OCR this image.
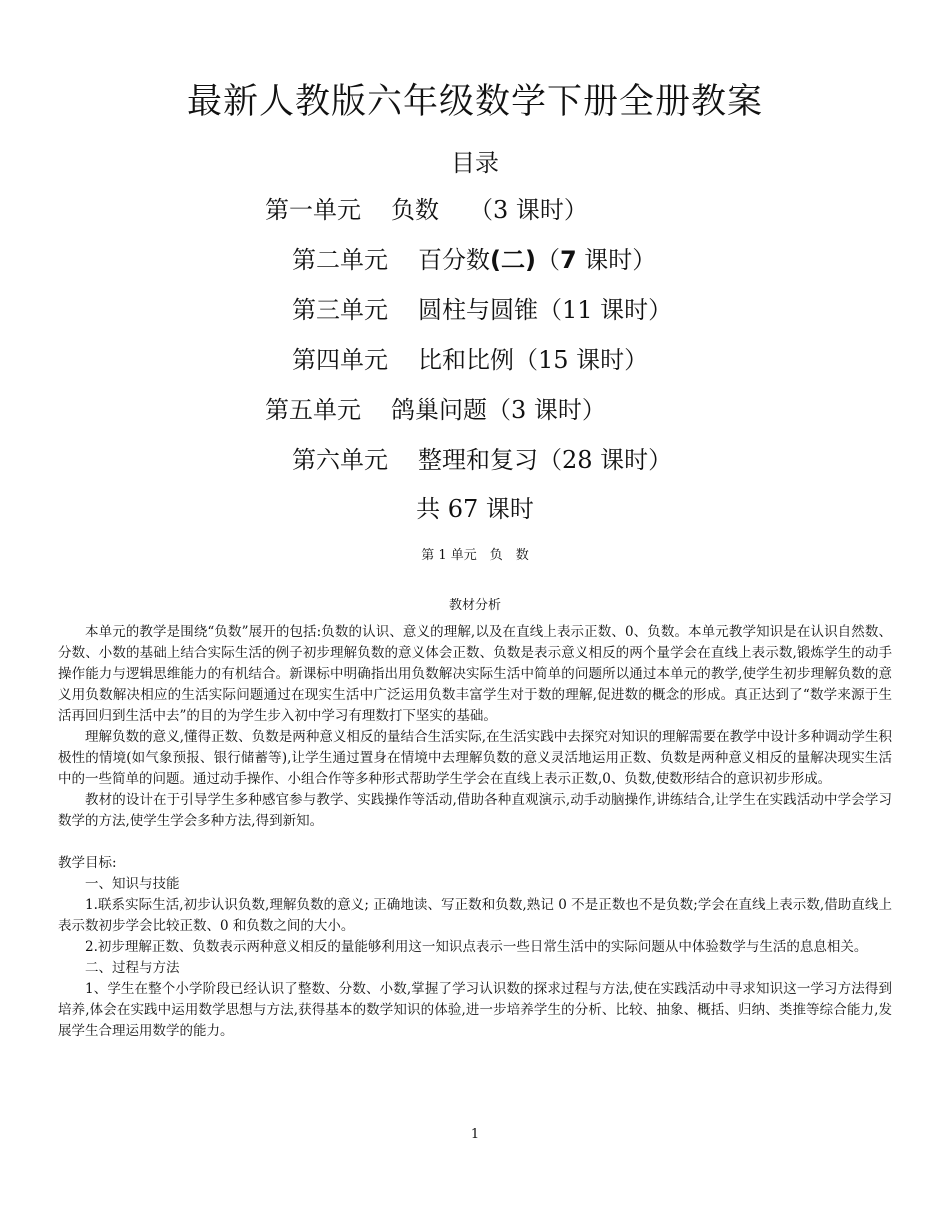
最新人教版六年级数学下册全册教案
目录
第一单元 负数 （3 课时）
第二单元 百分数(二)（7 课时）
第三单元 圆柱与圆锥（11 课时）
第四单元 比和比例（15 课时）
第五单元 鸽巢问题（3 课时）
第六单元 整理和复习（28 课时）
共 67 课时
第 1 单元　负　数
教材分析

本单元的教学是围绕“负数”展开的包括:负数的认识、意义的理解,以及在直线上表示正数、0、负数。本单元教学知识是在认识自然数、分数、小数的基础上结合实际生活的例子初步理解负数的意义体会正数、负数是表示意义相反的两个量学会在直线上表示数,锻炼学生的动手操作能力与逻辑思维能力的有机结合。新课标中明确指出用负数解决实际生活中简单的问题所以通过本单元的教学,使学生初步理解负数的意义用负数解决相应的生活实际问题通过在现实生活中广泛运用负数丰富学生对于数的理解,促进数的概念的形成。真正达到了“数学来源于生活再回归到生活中去”的目的为学生步入初中学习有理数打下坚实的基础。

理解负数的意义,懂得正数、负数是两种意义相反的量结合生活实际,在生活实践中去探究对知识的理解需要在教学中设计多种调动学生积极性的情境(如气象预报、银行储蓄等),让学生通过置身在情境中去理解负数的意义灵活地运用正数、负数是两种意义相反的量解决现实生活中的一些简单的问题。通过动手操作、小组合作等多种形式帮助学生学会在直线上表示正数,0、负数,使数形结合的意识初步形成。

教材的设计在于引导学生多种感官参与教学、实践操作等活动,借助各种直观演示,动手动脑操作,讲练结合,让学生在实践活动中学会学习数学的方法,使学生学会多种方法,得到新知。

教学目标:

一、知识与技能

1.联系实际生活,初步认识负数,理解负数的意义; 正确地读、写正数和负数,熟记 0 不是正数也不是负数;学会在直线上表示数,借助直线上表示数初步学会比较正数、0 和负数之间的大小。

2.初步理解正数、负数表示两种意义相反的量能够利用这一知识点表示一些日常生活中的实际问题从中体验数学与生活的息息相关。

二、过程与方法

1、学生在整个小学阶段已经认识了整数、分数、小数,掌握了学习认识数的探求过程与方法,使在实践活动中寻求知识这一学习方法得到培养,体会在实践中运用数学思想与方法,获得基本的数学知识的体验,进一步培养学生的分析、比较、抽象、概括、归纳、类推等综合能力,发展学生合理运用数学的能力。

1
